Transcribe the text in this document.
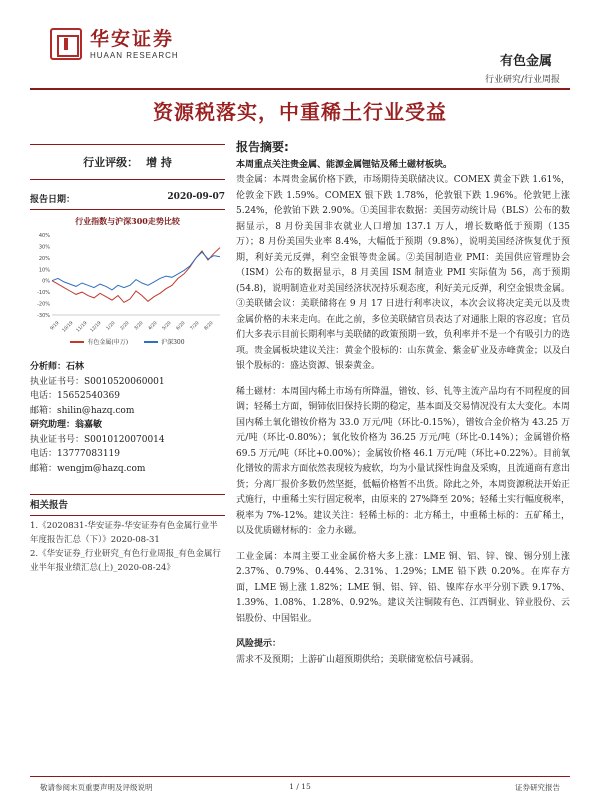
华安证券
HUAAN RESEARCH	有色金属
行业研究/行业周报
资源税落实，中重稀土行业受益
行业评级： 增 持
报告日期：	2020-09-07
行业指数与沪深300走势比较
40%
30%
20%
10%
0%
-10%
-20%
-30%
9/19 10/19 11/19 12/19 1/20 2/20 3/20 4/20 5/20 6/20 7/20 8/20
有色金属(申万)	沪深300
分析师：石林
执业证书号：S0010520060001
电话：15652540369
邮箱：shilin@hazq.com
研究助理：翁嘉敏
执业证书号：S0010120070014
电话：13777083119
邮箱：wengjm@hazq.com
相关报告
1.《2020831-华安证券-华安证券有色金属行业半年度报告汇总（下）》2020-08-31
2.《华安证券_行业研究_有色行业周报_有色金属行业半年报业绩汇总(上)_2020-08-24》
报告摘要:
本周重点关注贵金属、能源金属锂钴及稀土磁材板块。

贵金属：本周贵金属价格下跌，市场期待美联储决议。COMEX 黄金下跌 1.61%，伦敦金下跌 1.59%。COMEX 银下跌 1.78%，伦敦银下跌 1.96%。伦敦钯上涨 5.24%，伦敦铂下跌 2.90%。①美国非农数据：美国劳动统计局（BLS）公布的数据显示，8 月份美国非农就业人口增加 137.1 万人，增长数略低于预期（135 万）；8 月份美国失业率 8.4%，大幅低于预期（9.8%），说明美国经济恢复优于预期，利好美元反弹，利空金银等贵金属。②美国制造业 PMI：美国供应管理协会（ISM）公布的数据显示，8 月美国 ISM 制造业 PMI 实际值为 56，高于预期(54.8)，说明制造业对美国经济状况持乐观态度，利好美元反弹，利空金银贵金属。③美联储会议：美联储将在 9 月 17 日进行利率决议，本次会议将决定美元以及贵金属价格的未来走向。在此之前，多位美联储官员表达了对通胀上限的容忍度；官员们大多表示目前长期利率与美联储的政策预期一致，负利率并不是一个有吸引力的选项。贵金属板块建议关注：黄金个股标的：山东黄金、紫金矿业及赤峰黄金；以及白银个股标的：盛达资源、银泰黄金。

稀土磁材：本周国内稀土市场有所降温，镨钕、钐、钆等主流产品均有不同程度的回调；轻稀土方面，铜铈依旧保持长期的稳定，基本面及交易情况没有太大变化。本周国内稀土氧化镨钕价格为 33.0 万元/吨（环比-0.15%），镨钕合金价格为 43.25 万元/吨（环比-0.80%）；氧化钕价格为 36.25 万元/吨（环比-0.14%）；金属镨价格 69.5 万元/吨（环比+0.00%）；金属钕价格 46.1 万元/吨（环比+0.22%）。目前氧化镨钕的需求方面依然表现较为疲软，均为小量试探性询盘及采购，且流通商有意出货；分离厂报价多数仍然坚挺，低幅价格暂不出货。除此之外，本周资源税法开始正式施行，中重稀土实行固定税率，由原来的 27%降至 20%；轻稀土实行幅度税率，税率为 7%-12%。建议关注：轻稀土标的：北方稀土，中重稀土标的：五矿稀土，以及优质磁材标的：金力永磁。

工业金属：本周主要工业金属价格大多上涨：LME 铜、铝、锌、镍、锡分别上涨 2.37%、0.79%、0.44%、2.31%、1.29%；LME 铅下跌 0.20%。在库存方面，LME 锡上涨 1.82%；LME 铜、铝、锌、铅、镍库存水平分别下跌 9.17%、1.39%、1.08%、1.28%、0.92%。建议关注铜陵有色、江西铜业、锌业股份、云铝股份、中国铝业。

风险提示：
需求不及预期；上游矿山超预期供给；美联储宽松信号减弱。
敬请参阅末页重要声明及评级说明	1 / 15	证券研究报告
